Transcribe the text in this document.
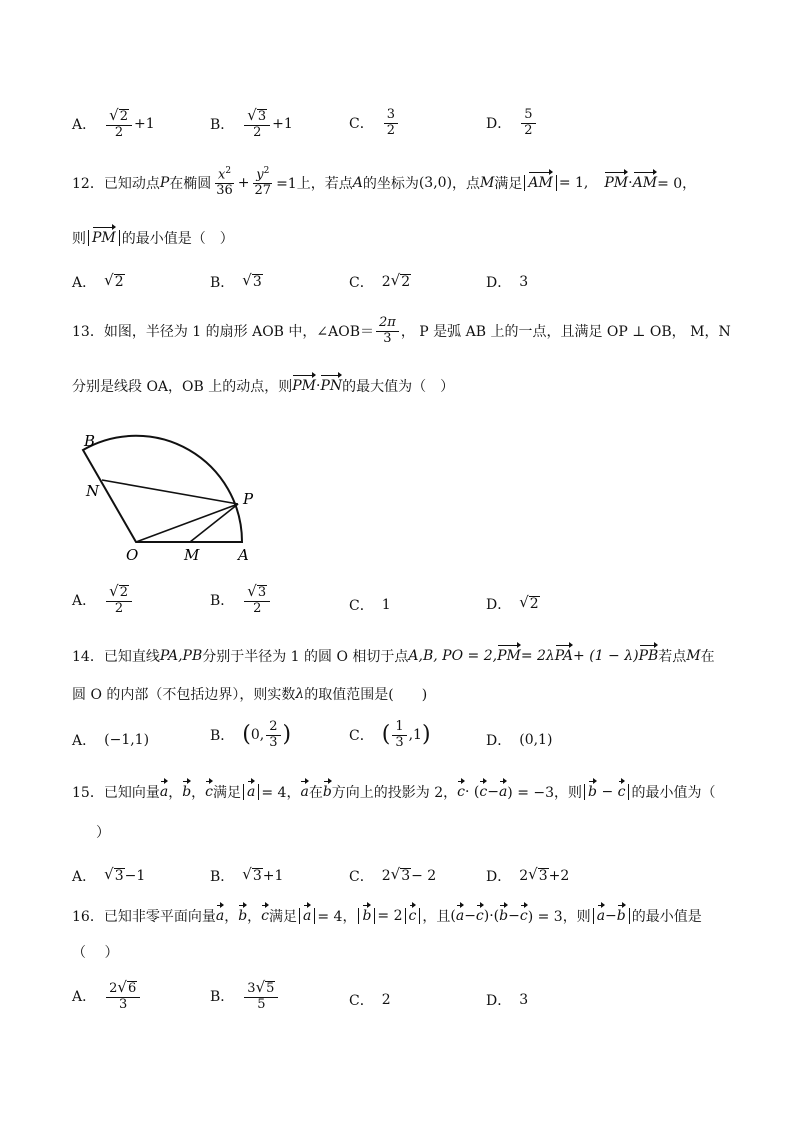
A． $\frac{√ 2}{2} +1$	B． $\frac{√ 3}{2} +1$	C． $\frac{3}{2}$	D． $\frac{5}{2}$
12． 已知动点 P 在椭圆 $\frac{x^2}{36} + \frac{y^2}{27} =1$上，若点 A 的坐标为 (3,0) ，点 M 满足 AM = 1, PM · AM = 0，
则 PM 的最小值是（　）
A． √ 2	B． √ 3	C． 2 √ 2	D． 3
13． 如图，半径为 1 的扇形 AOB 中，∠AOB＝ $\frac{2\pi}{3}$ ， P 是弧 AB 上的一点，且满足 OP ⊥ OB， M，N
分别是线段 OA，OB 上的动点，则 PM · PN 的最大值为（　）
B
N	P
O	M	A
A． $\frac{√ 2}{2}$	B． $\frac{√ 3}{2}$	C． 1	D． √ 2
14． 已知直线 PA,PB 分别于半径为 1 的圆 O 相切于点 A,B, PO = 2, PM = 2λ PA + (1 − λ) PB 若点 M 在
圆 O 的内部（不包括边界），则实数 λ 的取值范围是(　　)
A． (−1,1)	B． ( 0, $\frac{2}{3}$ )	C． ( $\frac{1}{3} ,1$ )	D． (0,1)
15． 已知向量 a ， b ， c 满足 a = 4， a 在 b 方向上的投影为 2， c · ( c − a ) = −3，则 b − c 的最小值为（
）
A． √ 3 −1	B． √ 3 +1	C． 2 √ 3 − 2	D． 2 √ 3 +2
16． 已知非零平面向量 a ， b ， c 满足 a = 4， b = 2 c ，且 ( a − c )·( b − c ) = 3，则 a−b 的最小值是
（　 ）
A． $\frac{2 √ 6}{3}$	B． $\frac{3 √ 5}{5}$	C． 2	D． 3
